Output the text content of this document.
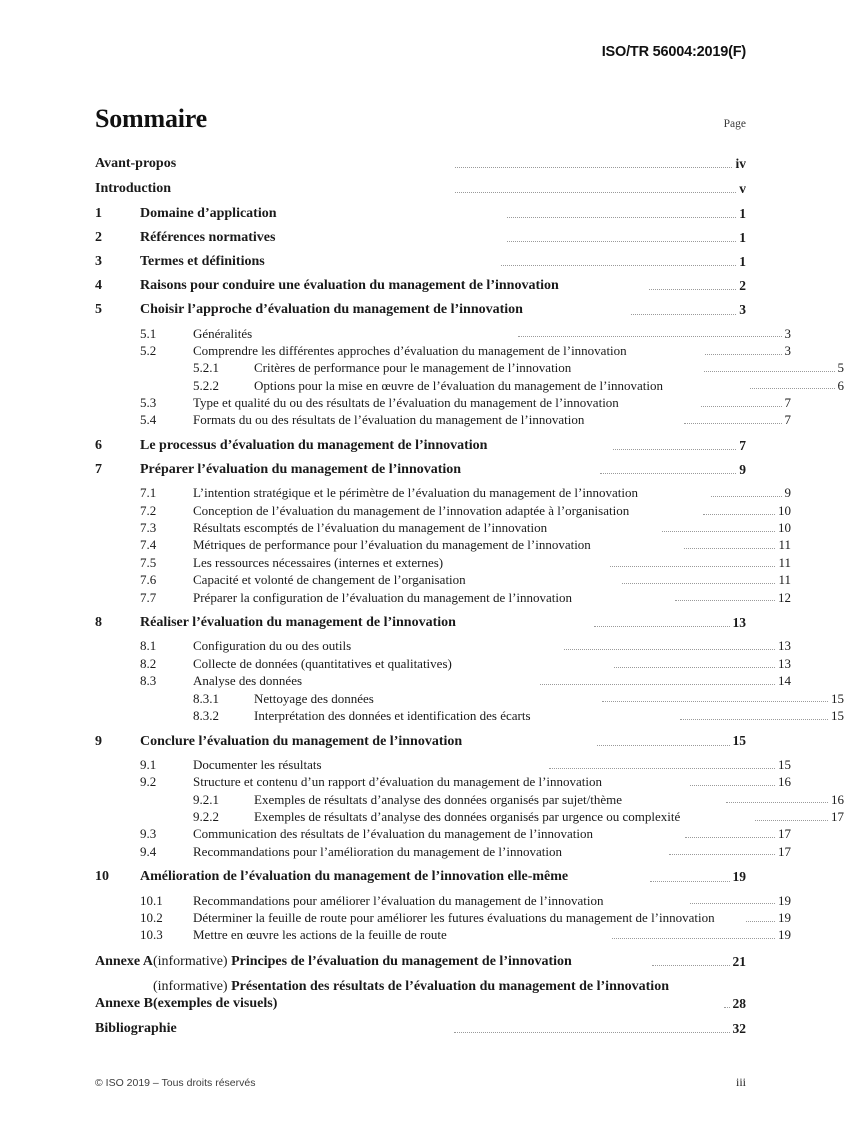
ISO/TR 56004:2019(F)
Sommaire	Page
Avant-propos	iv
Introduction	v
1	Domaine d’application	1
2	Références normatives	1
3	Termes et définitions	1
4	Raisons pour conduire une évaluation du management de l’innovation	2
5	Choisir l’approche d’évaluation du management de l’innovation	3
5.1	Généralités	3
5.2	Comprendre les différentes approches d’évaluation du management de l’innovation	3
5.2.1	Critères de performance pour le management de l’innovation	5
5.2.2	Options pour la mise en œuvre de l’évaluation du management de l’innovation	6
5.3	Type et qualité du ou des résultats de l’évaluation du management de l’innovation	7
5.4	Formats du ou des résultats de l’évaluation du management de l’innovation	7
6	Le processus d’évaluation du management de l’innovation	7
7	Préparer l’évaluation du management de l’innovation	9
7.1	L’intention stratégique et le périmètre de l’évaluation du management de l’innovation	9
7.2	Conception de l’évaluation du management de l’innovation adaptée à l’organisation	10
7.3	Résultats escomptés de l’évaluation du management de l’innovation	10
7.4	Métriques de performance pour l’évaluation du management de l’innovation	11
7.5	Les ressources nécessaires (internes et externes)	11
7.6	Capacité et volonté de changement de l’organisation	11
7.7	Préparer la configuration de l’évaluation du management de l’innovation	12
8	Réaliser l’évaluation du management de l’innovation	13
8.1	Configuration du ou des outils	13
8.2	Collecte de données (quantitatives et qualitatives)	13
8.3	Analyse des données	14
8.3.1	Nettoyage des données	15
8.3.2	Interprétation des données et identification des écarts	15
9	Conclure l’évaluation du management de l’innovation	15
9.1	Documenter les résultats	15
9.2	Structure et contenu d’un rapport d’évaluation du management de l’innovation	16
9.2.1	Exemples de résultats d’analyse des données organisés par sujet/thème	16
9.2.2	Exemples de résultats d’analyse des données organisés par urgence ou complexité	17
9.3	Communication des résultats de l’évaluation du management de l’innovation	17
9.4	Recommandations pour l’amélioration du management de l’innovation	17
10	Amélioration de l’évaluation du management de l’innovation elle-même	19
10.1	Recommandations pour améliorer l’évaluation du management de l’innovation	19
10.2	Déterminer la feuille de route pour améliorer les futures évaluations du management de l’innovation	19
10.3	Mettre en œuvre les actions de la feuille de route	19
Annexe A (informative) Principes de l’évaluation du management de l’innovation	21
Annexe B
(informative) Présentation des résultats de l’évaluation du management de l’innovation (exemples de visuels)	28
Bibliographie	32
© ISO 2019 – Tous droits réservés	iii
